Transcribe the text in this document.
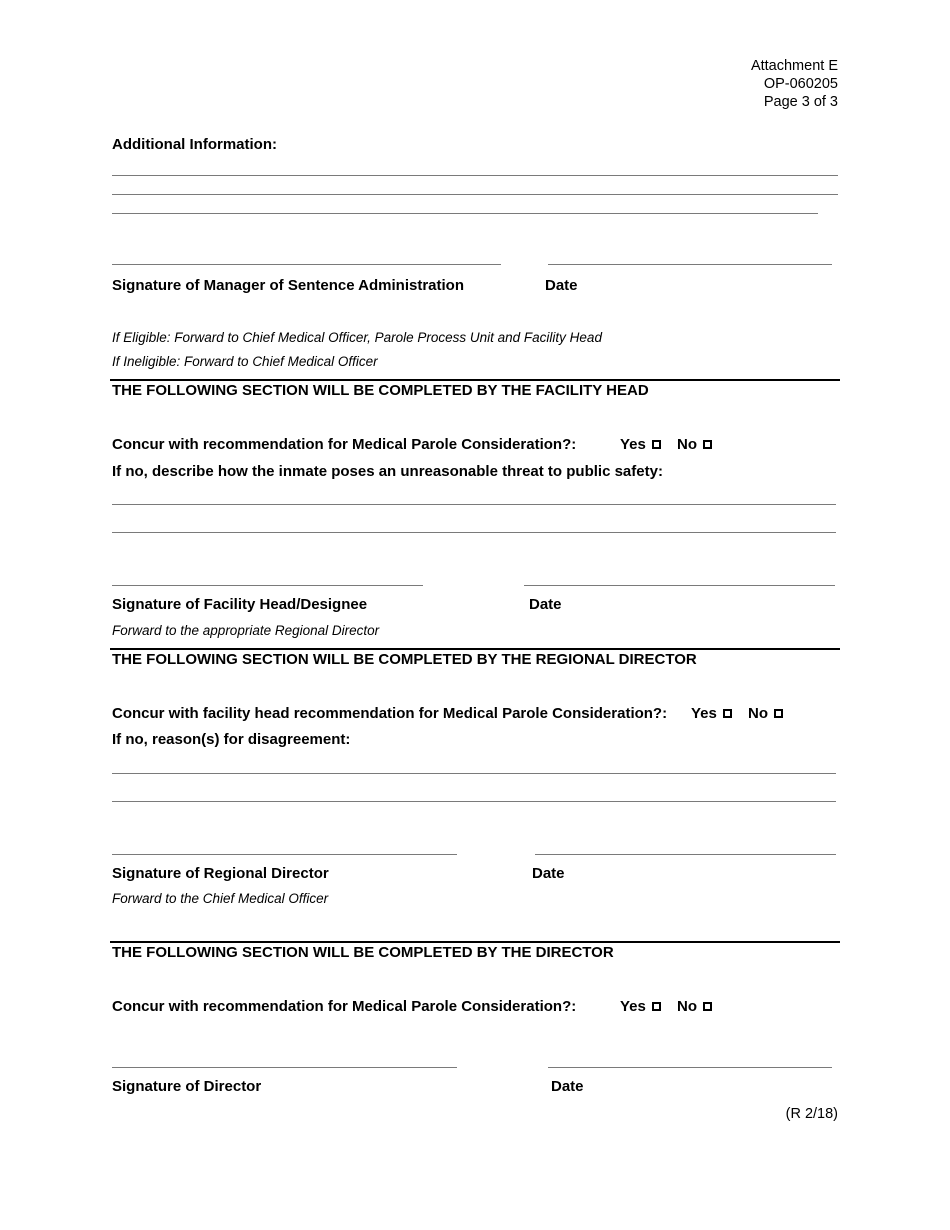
Attachment E
OP-060205
Page 3 of 3
Additional Information:
Signature of Manager of Sentence Administration	Date
If Eligible: Forward to Chief Medical Officer, Parole Process Unit and Facility Head
If Ineligible: Forward to Chief Medical Officer
THE FOLLOWING SECTION WILL BE COMPLETED BY THE FACILITY HEAD
Concur with recommendation for Medical Parole Consideration?:	Yes No
If no, describe how the inmate poses an unreasonable threat to public safety:
Signature of Facility Head/Designee	Date
Forward to the appropriate Regional Director
THE FOLLOWING SECTION WILL BE COMPLETED BY THE REGIONAL DIRECTOR
Concur with facility head recommendation for Medical Parole Consideration?: Yes No
If no, reason(s) for disagreement:
Signature of Regional Director	Date
Forward to the Chief Medical Officer
THE FOLLOWING SECTION WILL BE COMPLETED BY THE DIRECTOR
Concur with recommendation for Medical Parole Consideration?:	Yes No
Signature of Director	Date
(R 2/18)
